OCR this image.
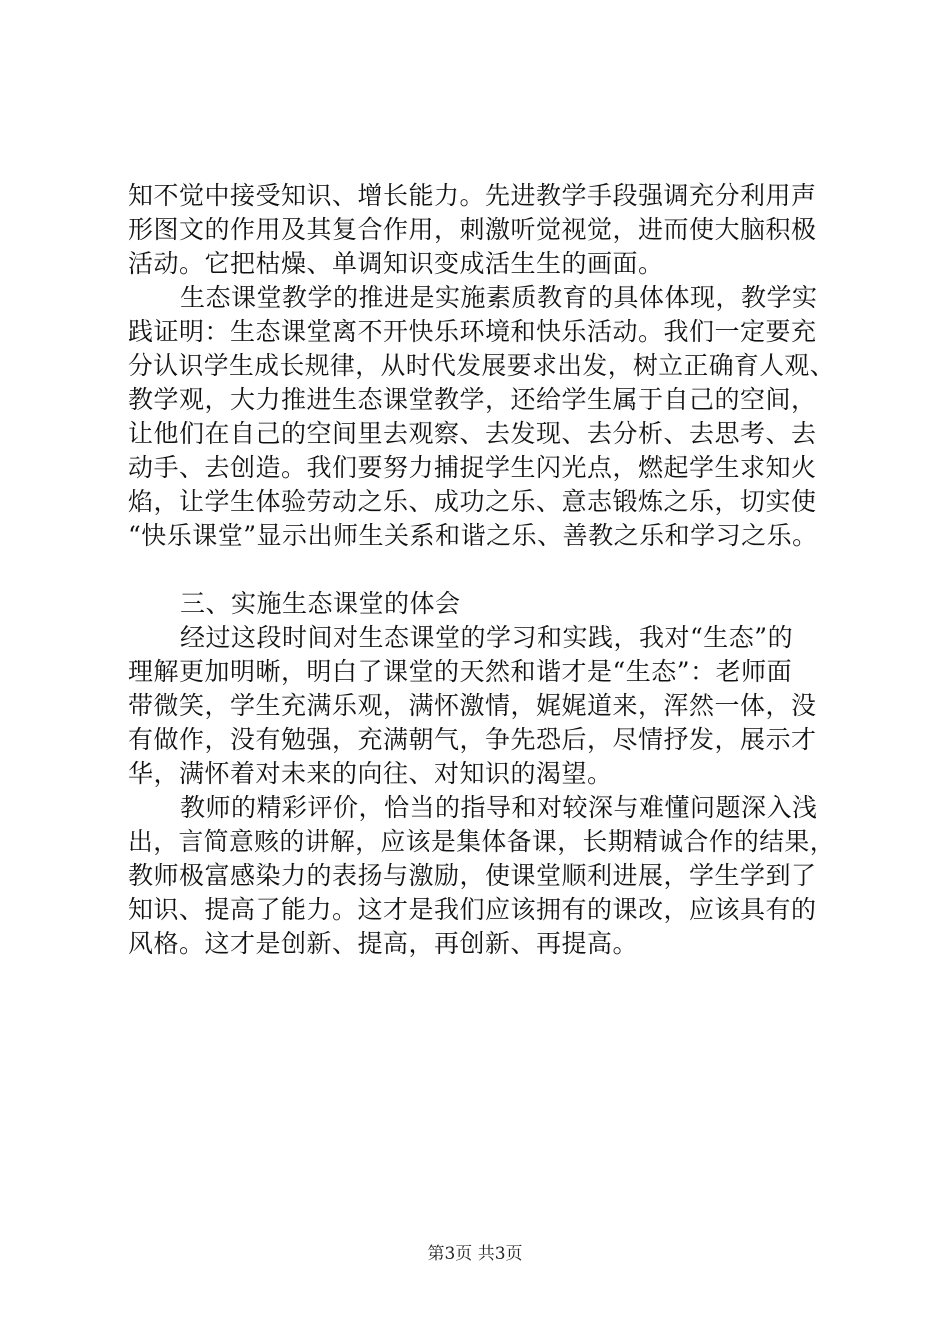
知不觉中接受知识、增长能力。先进教学手段强调充分利用声
形图文的作用及其复合作用，刺激听觉视觉，进而使大脑积极
活动。它把枯燥、单调知识变成活生生的画面。
生态课堂教学的推进是实施素质教育的具体体现，教学实
践证明：生态课堂离不开快乐环境和快乐活动。我们一定要充
分认识学生成长规律，从时代发展要求出发，树立正确育人观、
教学观，大力推进生态课堂教学，还给学生属于自己的空间，
让他们在自己的空间里去观察、去发现、去分析、去思考、去
动手、去创造。我们要努力捕捉学生闪光点，燃起学生求知火
焰，让学生体验劳动之乐、成功之乐、意志锻炼之乐，切实使
“快乐课堂”显示出师生关系和谐之乐、善教之乐和学习之乐。
三、实施生态课堂的体会
经过这段时间对生态课堂的学习和实践，我对“生态”的
理解更加明晰，明白了课堂的天然和谐才是“生态”：老师面
带微笑，学生充满乐观，满怀激情，娓娓道来，浑然一体，没
有做作，没有勉强，充满朝气，争先恐后，尽情抒发，展示才
华，满怀着对未来的向往、对知识的渴望。
教师的精彩评价，恰当的指导和对较深与难懂问题深入浅
出，言简意赅的讲解，应该是集体备课，长期精诚合作的结果，
教师极富感染力的表扬与激励，使课堂顺利进展，学生学到了
知识、提高了能力。这才是我们应该拥有的课改，应该具有的
风格。这才是创新、提高，再创新、再提高。
第3页 共3页
